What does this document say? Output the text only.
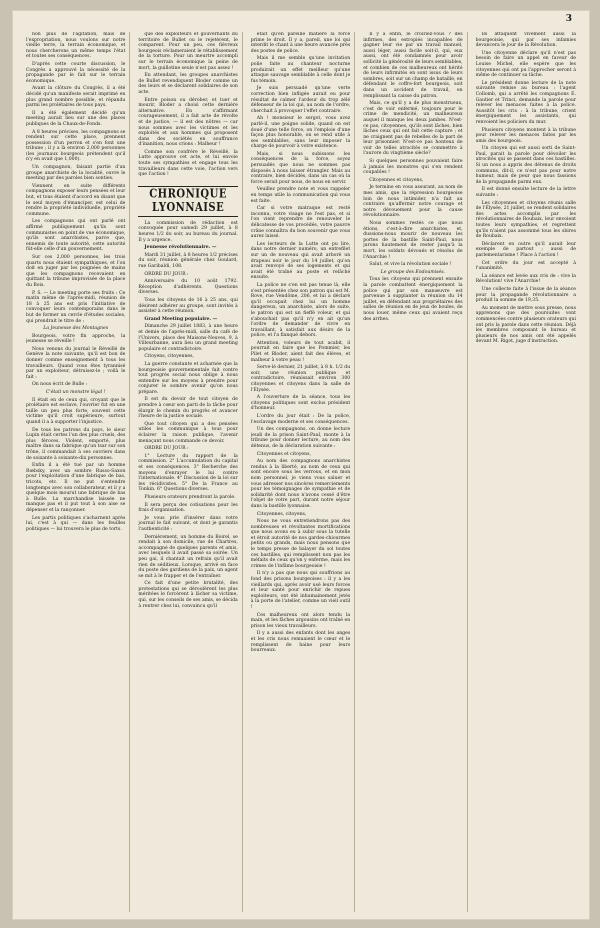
3

non plus de l'agitation, mais de l'expropriation, nous voulons sur notre vieille terre, la terrain économique, et nous chercherons un même temps l'état et toutes ses conséquences.

D'après cette courte discussion, le Congrès a approuvé la nécessité de la propagande par le fait sur le terrain économique.

Avant la clôture du Congrès, il a été décidé qu'un manifeste serait imprimé en plus grand nombre possible, et répandu parmi les prolétaires de tous pays.

Il a été également décidé qu'un meeting aurait lieu sur une des places publiques de la Chaux-de-Fonds.

A 8 heures précises, les compagnons se rendent sur cette place, prennent possession d'un perron et s'en font une tribune ; il y a là environ 2,000 personnes (les journaux bourgeois prétendent qu'il n'y en avait que 1,000).

Un compagnon, faisant partie d'un groupe anarchiste de la localité, ouvre le meeting par des paroles bien sonties.

Viennent en suite différents compagnons exposer leurs pensées et leur but, et tous étaient d'accord en disant que le seul moyen d'émanciper, est celui de rendre la propriété individuelle, propriété commune.

Les compagnons qui ont parlé ont affirmé publiquement qu'ils sont communistes en point de vue économique, qu'ils sont anarchistes, parce que, ennemis de toute autorité, cette autorité fût-elle celle d'un gouvernement.

Sur ces 2,000 personnes, les trois quarts nous étaient sympathiques, et l'on doit en juger par les poignées de mains que les compagnons recevaient en quittant la tribune improvisée de la place du Bois.

P. S. — Le meeting porte ses fruits : Ce matin même de l'après-midi, réunion de 18 à 25 ans est pris l'initiative de convoquer leurs contemporains dans le but de former un cercle d'études sociales, qui prendrait le titre de :

La Jeunesse des Montagnes

Bourgeois, votre fin approche, la jeunesse se réveille !

Nous venons du journal le Réveillé de Genève la note suivante, qu'il est bon de donner comme enseignement à tous les travailleurs. Quand vous êtes tyrannisé par un exploiteur, détruisez-le ; voilà le fait :

On nous écrit de Bulle :

C'était un monstre légal !

Il était en de ceux qui, croyant que le prolétaire est esclave, l'ouvrier fut en une taille un peu plus forte, souvent cette victime qu'il croit supérieure, surtout quand il a à supporter l'injustice.

De tous les patrons du pays, le sieur Lupin était certes l'un des plus cruels, des plus féroces. Violent, emporté, plus maître dans sa fabrique qu'un tsar sur son trône, il commandait à ses ouvriers dans de soixante à soixante-dix personnes.

Enfin il a été tué par un homme Rœbsky, avec un sombre Russo-Saxon pour l'exploitation d'une fabrique de bas, tricots, etc. Il ne put s'entendre longtemps avec son collaborateur, et il y a quelque mois mourut une fabrique de bas à Bulle. La marchandise laissée ne manque pas et il put tout à son aise se dépenser et la rançonner.

Les partis politiques s'acharnent après lui, c'est à qui — dans les feuilles politiques — lui trouvera le plus de torts.

que des exploiteurs et gouvernants du territoire de Bullet ou le rejetèrent, le comparent. Pour un peu, ces fiévreux bourgeois réclameraient le rétablissement de la torture. Pour un meurtre accompli sur le terrain économique la peine de mort, la guillotine seule n'est pas assez !

En attendant, les groupes anarchistes de Bullet revendiquent Bloder comme un des leurs et se déclarent solidaires de son acte.

Entre poison ou dérober, et tuer et mourir, Bloder a choisi cette dernière alternative. En s'affirmant courageusement, il a fait acte de révolte et de justice, — il est des nôtres — car nous sommes avec les victimes et les exploités et aux hommes qui proposent dans des sociétés en souffrance d'inanition, nous crions : Malheur !

Comme son confrère le Réveillé, la Lutte approuve cet acte, et lui envoie toute ses sympathies et engage tous les travailleurs dans cette voie, l'action vers que l'action !

CHRONIQUE LYONNAISE

La commission de rédaction est convoquée pour samedi 29 juillet, à 8 heures 1/2 du soir, au bureau du journal. Il y a urgence.

Jeunesse révolutionnaire. —

Mardi 31 juillet, à 8 heures 1/2 précises du soir, réunion générale chez Goulard, rue Garibaldi, 108.

ORDRE DU JOUR :

Anniversaire du 10 août 1792. Réception d'adhérents. Questions diverses.

Tous les citoyens de 16 à 25 ans, qui désirent adhérer au groupe, sont invités à assister à cette réunion.

Grand Meeting populaire. —

Dimanche 29 juillet 1883, à une heure et demie de l'après-midi, salle du café de l'Univers, place des Maisons-Neuves, 9, à Villeurbanne, aura lieu un grand meeting populaire et contradictoire.

Citoyens, citoyennes,

La guerre constante et acharnée que la bourgeoisie gouvernementale fait contre tout progrès social nous oblige à nous entendre sur les moyens à prendre pour conjurer le sombre avenir qu'on nous prépare.

Il est du devoir de tout citoyen de prendre à cœur son parti de la tâche pour élargir le chemin du progrès et avancer l'heure de la justice sociale.

Que tout citoyen qui a des pensées utiles les communique à tous pour éclairer la raison publique, l'avenir menaçant nous commande ce devoir.

ORDRE DU JOUR :

1° Lecture du rapport de la commission. 2° L'accumulation du capital et ses conséquences. 3° Recherche des moyens d'enrayer le lui contre l'internationale. 4° Discussion de la loi sur les récidivistes. 5° De la France au Tonkin. 6° Questions diverses.

Plusieurs orateurs prendront la parole.

Il sera perçu des cotisations pour les frais d'organisation.

Je vous prie d'insérer dans votre journal le fait suivant, et dont je garantis l'authenticité :

Dernièrement, un homme du Boirel, se rendait à son domicile, rue de Chartres, accompagné de quelques parents et amis, avec lesquels il avait passé sa soirée. Un peu gai, il chantait un refrain qu'il avait rien de séditieux. Lorsque, arrivé en face du poste des gardiens de la paix, un agent se mit à le frapper et de l'entraîner.

Ce fait d'une petite brutalité, des protestations qui se déroulèrent les plus méritées le forcèrent à lâcher sa victime, qui, sur les conseils de ses amis, se décida à rentrer chez lui, convaincu qu'il

était qu'en pareille matière la force prime le droit. Il y a, pareil, une loi qui interdit le chant à une heure avancée près des postes de police.

Mais il me semble qu'une invitation polie faite au chanteur nocturne produirait un effet meilleur qu'une attaque sauvage semblable à celle dont je fus témoin.

Je suis persuadé qu'une verte correction bien infligée aurait eu pour résultat de calmer l'ardeur du trop zélé défenseur de la loi qui, au nom de l'ordre, cherchait à provoquer l'effet contraire.

Ah ! monsieur le sergot, vous avez parlé-il, une poigne solide, quand on est doué d'une telle force, on l'emploie d'une façon plus honorable, on se rend utile à ses semblables, sans leur imposer la charge de pourvoir à votre existence.

Mais, si nous subissons les conséquences de la force, soyez persuadés que nous ne sommes pas disposés à nous laisser étrangler. Mais au contraire, bien décidés, dans un cas où la force serait pour nous, de nous en servir.

Veuillez prendre note et vous rappeler en temps utile la communication qui vous est faite.

Car si votre matraque est resté inconnu, votre visage ne l'est pas, et si l'on vient reprendre de renouveler le délicatesse de vos procédés, votre pauvre crâne connaîtra du bon souvenir que vous aurez laissé.

Les lecteurs de la Lutte ont pu lire, dans notre dernier numéro, un entrefilet sur un de nouveau qui avait arboré un drapeau noir le jour du 14 juillet, qu'on avait renvoyé de ses logements et qui avait été traîné au poste et relâché ensuite.

La police ne s'en est pas tenue là, elle s'est présentée chez son patron qui est M. Rove, rue Vendôme, 206, et lui a déclaré qu'il occupait chez lui un homme dangereux, un anarchiste, alors de suite, le patron qui est un fieffé voleur, et qui s'abouchait pas qu'il n'y en ait qu'un l'ordre de demander de vivre en travaillant, à satisfait aux désirs de la police, et l'a flanqué dehors.

Attention, voleurs de tout acabit, il pourrait en faire que les Pommier, les Pilet et Bloder, aient fait des élèves, et malheur à votre peau !

Serve-lé dernier, 21 juillet, à 8 h. 1/2 du soir, une réunion publique et contradictoire, réunissait environ 300 citoyennes et citoyens dans la salle de l'Élysée.

A l'ouverture de la séance, tous les citoyens politiques sont exclus président d'honneur.

L'ordre du jour était : De la police, l'esclavage moderne et ses conséquences.

Un des compagnons, on donne lecture jeudi de la prison Saint-Paul, monte à la tribune pour donner lecture, au nom des détenus, de la déclaration suivante :

Citoyennes et citoyens,

Au nom des compagnons anarchistes rendus à la liberté, au nom de ceux qui sont encore sous les verrous, et en mon nom personnel, je viens vous saluer et vous adresser nos sincères remerciements pour les témoignages de sympathie et de solidarité dont nous n'avons cessé d'être l'objet de votre part, durant notre séjour dans la bastille lyonnaise.

Citoyennes, citoyens,

Nous ne vous entretiendrons pas des nombreuses et révoltantes mortifications que nous avons eu à subir sous la tutelle et étroit autorité de nos gardes-chiourmes petits ou grands, mais nous pensons que le temps presse de balayer du sol toutes ces bastilles, qui remplissent non pas les méfaits de ceux qu'on y enferme, mais les crimes de l'infâme bourgeoisie !

Il n'y a pas que nous qui souffrions au fond des prisons bourgeoises : il y a les vieillards qui, après avoir usé leurs forces et leur santé pour enrichir de repues exploiteurs, ont été inhumainement jetés à la porte de l'atelier, comme un vieil outil !

Ces malheureux ont alors tendu la main, et les fâches argousins ont traîné en prison les vieux travailleurs.

Il y a aussi des enfants dont les anges et les cris nous remuaient le cœur et le remplissent de haine pour leurs bourreaux.

Il y a enfin, le croiriez-vous ? des infirmes, des estropiés incapables de gagner leur vie par un travail manuel, aussi léger, aussi facile soit-il, qui, eux aussi, ont été condamnés pour avoir sollicité la générosité de leurs semblables, et combien de ces malheureux ont hérité de leurs infirmités en sont issus de leurs sombres, soit sur un champ de bataille, en défendant le coffre-fort bourgeois, soit dans un accident de travail, en remplissant la caisse du patron.

Mais, ce qu'il y a de plus monstrueux, c'est de voir enfermé, toujours pour le crime de mendicité, un malheureux auquel il manque les deux jambes. N'est-ce pas, citoyennes, qu'ils sont lâches, bien lâches ceux qui ont fait cette capture ; et ne craignent pas de rebelles de la part de leur prisonnier. N'est-ce pas honteux de voir de telles atrocités se commettre à l'aurore du vingtième siècle?

Si quelques personnes pouvaient faire à jamais les monstres qui s'en rendent coupables !

Citoyennes et citoyens,

Je termine en vous assurant, au nom de mes amis, que la répression bourgeoise loin de nous intimider, n'a fait au contraire qu'affermir notre courage et notre dévouement pour la cause révolutionnaire.

Nous sommes restés ce que nous étions, c'est-à-dire anarchistes, et, dussions-nous mourir de nouveau les portes de la bastille Saint-Paul, nous jurons hautement de rester jusqu'à la mort, les soldats dévoués et résolus de l'Anarchie !

Salut, et vive la révolution sociale !

Le groupe des Endoumisés.

Tous les citoyens qui prennent ensuite la parole combattent énergiquement la police qui par son manœuvre est parvenue à supplanter la réunion du 14 juillet, en défendant aux propriétaires des salles de réunion en de jeux de boules, de nous louer, même ceux qui avaient reçu des arrhes.

Ils attaquent vivement aussi la bourgeoisie, qui par ses infamies devancera le jour de la Révolution.

Une citoyenne déclare qu'il n'est pas besoin de faire un appel en faveur de Louise Michel, elle espère que les citoyennes qui ont pu l'approcher seront à même de continuer sa tâche.

Le président donne lecture de la note suivante remise au bureau : l'agent Collomb, qui a arrêté les compagnons E. Gautier et Trinci, demande la parole pour relever les menaces faites à la police. Aussitôt les cris : à la tribune, crient énergiquement les assistants, qui renvoient les policiers du mur.

Plusieurs citoyens montent à la tribune pour relever les menaces faites par les amis des bourgeois.

Un citoyen qui est aussi sorti de Saint-Paul, parait la parole pour dévoiler les atrocités qui se passent dans ces bastilles. Si un nous a appris des détenus de droits communs, dit-il, ce n'est pas pour notre humeur, mais de peur que nous fassions de la propagande parmi eux.

Il est donné ensuite lecture de la lettre suivante :

Les citoyennes et citoyens réunis salle de l'Élysée, 21 juillet, se rendent solidaires des actes accomplis par les révolutionnaires de Roubaix, leur envoient toutes leurs sympathies, et regrettent qu'ils n'aient pas assommé tous les sbires de Roubaix.

Déclarent en outre qu'il aurait leur exemple de partout ; aussi de parlementarisme ! Place à l'action !

Cet ordre du jour est accepté à l'unanimité.

La séance est levée aux cris de : vive la Révolution! vive l'Anarchie!

Une collecte faite à l'issue de la séance pour la propagande révolutionnaire a produit la somme de 19,35.

Au moment de mettre sous presse, nous apprenons que des poursuites vont commencées contre plusieurs orateurs qui ont pris la parole dans cette réunion. Déjà les membres composant le bureau et plusieurs de nos amis ont été appelés devant M. Rigot, juge d'instruction.
